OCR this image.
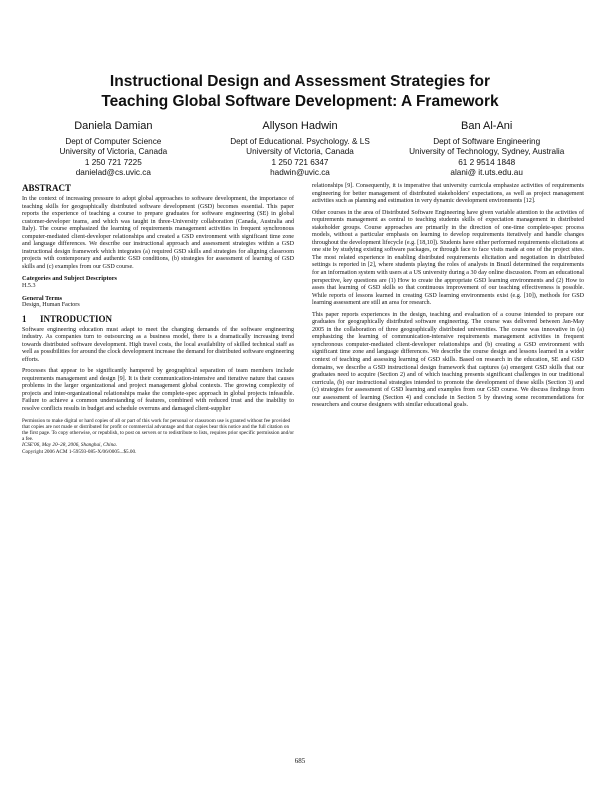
Instructional Design and Assessment Strategies for
Teaching Global Software Development: A Framework
Daniela Damian
Dept of Computer Science
University of Victoria, Canada
1 250 721 7225
danielad@cs.uvic.ca
Allyson Hadwin
Dept of Educational. Psychology. & LS
University of Victoria, Canada
1 250 721 6347
hadwin@uvic.ca
Ban Al-Ani
Dept of Software Engineering
University of Technology, Sydney, Australia
61 2 9514 1848
alani@ it.uts.edu.au
ABSTRACT

In the context of increasing pressure to adopt global approaches to software development, the importance of teaching skills for geographically distributed software development (GSD) becomes essential. This paper reports the experience of teaching a course to prepare graduates for software engineering (SE) in global customer-developer teams, and which was taught in three-University collaboration (Canada, Australia and Italy). The course emphasized the learning of requirements management activities in frequent synchronous computer-mediated client-developer relationships and created a GSD environment with significant time zone and language differences. We describe our instructional approach and assessment strategies within a GSD instructional design framework which integrates (a) required GSD skills and strategies for aligning classroom projects with contemporary and authentic GSD conditions, (b) strategies for assessment of learning of GSD skills and (c) examples from our GSD course.

Categories and Subject Descriptors

H.5.3

General Terms

Design, Human Factors

1 INTRODUCTION

Software engineering education must adapt to meet the changing demands of the software engineering industry. As companies turn to outsourcing as a business model, there is a dramatically increasing trend towards distributed software development. High travel costs, the local availability of skilled technical staff as well as possibilities for around the clock development increase the demand for distributed software engineering efforts.

Processes that appear to be significantly hampered by geographical separation of team members include requirements management and design [9]. It is their communication-intensive and iterative nature that causes problems in the larger organizational and project management global contexts. The growing complexity of projects and inter-organizational relationships make the complete-spec approach in global projects infeasible. Failure to achieve a common understanding of features, combined with reduced trust and the inability to resolve conflicts results in budget and schedule overruns and damaged client-supplier

Permission to make digital or hard copies of all or part of this work for personal or classroom use is granted without fee provided that copies are not made or distributed for profit or commercial advantage and that copies bear this notice and the full citation on the first page. To copy otherwise, or republish, to post on servers or to redistribute to lists, requires prior specific permission and/or a fee.
ICSE'06, May 20–28, 2006, Shanghai, China.
Copyright 2006 ACM 1-59593-085-X/06/0005...$5.00.

relationships [9]. Consequently, it is imperative that university curricula emphasize activities of requirements engineering for better management of distributed stakeholders' expectations, as well as project management activities such as planning and estimation in very dynamic development environments [12].

Other courses in the area of Distributed Software Engineering have given variable attention to the activities of requirements management as central to teaching students skills of expectation management in distributed stakeholder groups. Course approaches are primarily in the direction of one-time complete-spec process models, without a particular emphasis on learning to develop requirements iteratively and handle changes throughout the development lifecycle (e.g. [18,10]). Students have either performed requirements elicitations at one site by studying existing software packages, or through face to face visits made at one of the project sites. The most related experience in enabling distributed requirements elicitation and negotiation in distributed settings is reported in [2], where students playing the roles of analysts in Brazil determined the requirements for an information system with users at a US university during a 30 day online discussion. From an educational perspective, key questions are (1) How to create the appropriate GSD learning environments and (2) How to asses that learning of GSD skills so that continuous improvement of our teaching effectiveness is possible. While reports of lessons learned in creating GSD learning environments exist (e.g. [10]), methods for GSD learning assessment are still an area for research.

This paper reports experiences in the design, teaching and evaluation of a course intended to prepare our graduates for geographically distributed software engineering. The course was delivered between Jan-May 2005 in the collaboration of three geographically distributed universities. The course was innovative in (a) emphasizing the learning of communication-intensive requirements management activities in frequent synchronous computer-mediated client-developer relationships and (b) creating a GSD environment with significant time zone and language differences. We describe the course design and lessons learned in a wider context of teaching and assessing learning of GSD skills. Based on research in the education, SE and GSD domains, we describe a GSD instructional design framework that captures (a) emergent GSD skills that our graduates need to acquire (Section 2) and of which teaching presents significant challenges in our traditional curricula, (b) our instructional strategies intended to promote the development of these skills (Section 3) and (c) strategies for assessment of GSD learning and examples from our GSD course. We discuss findings from our assessment of learning (Section 4) and conclude in Section 5 by drawing some recommendations for researchers and course designers with similar educational goals.

685
